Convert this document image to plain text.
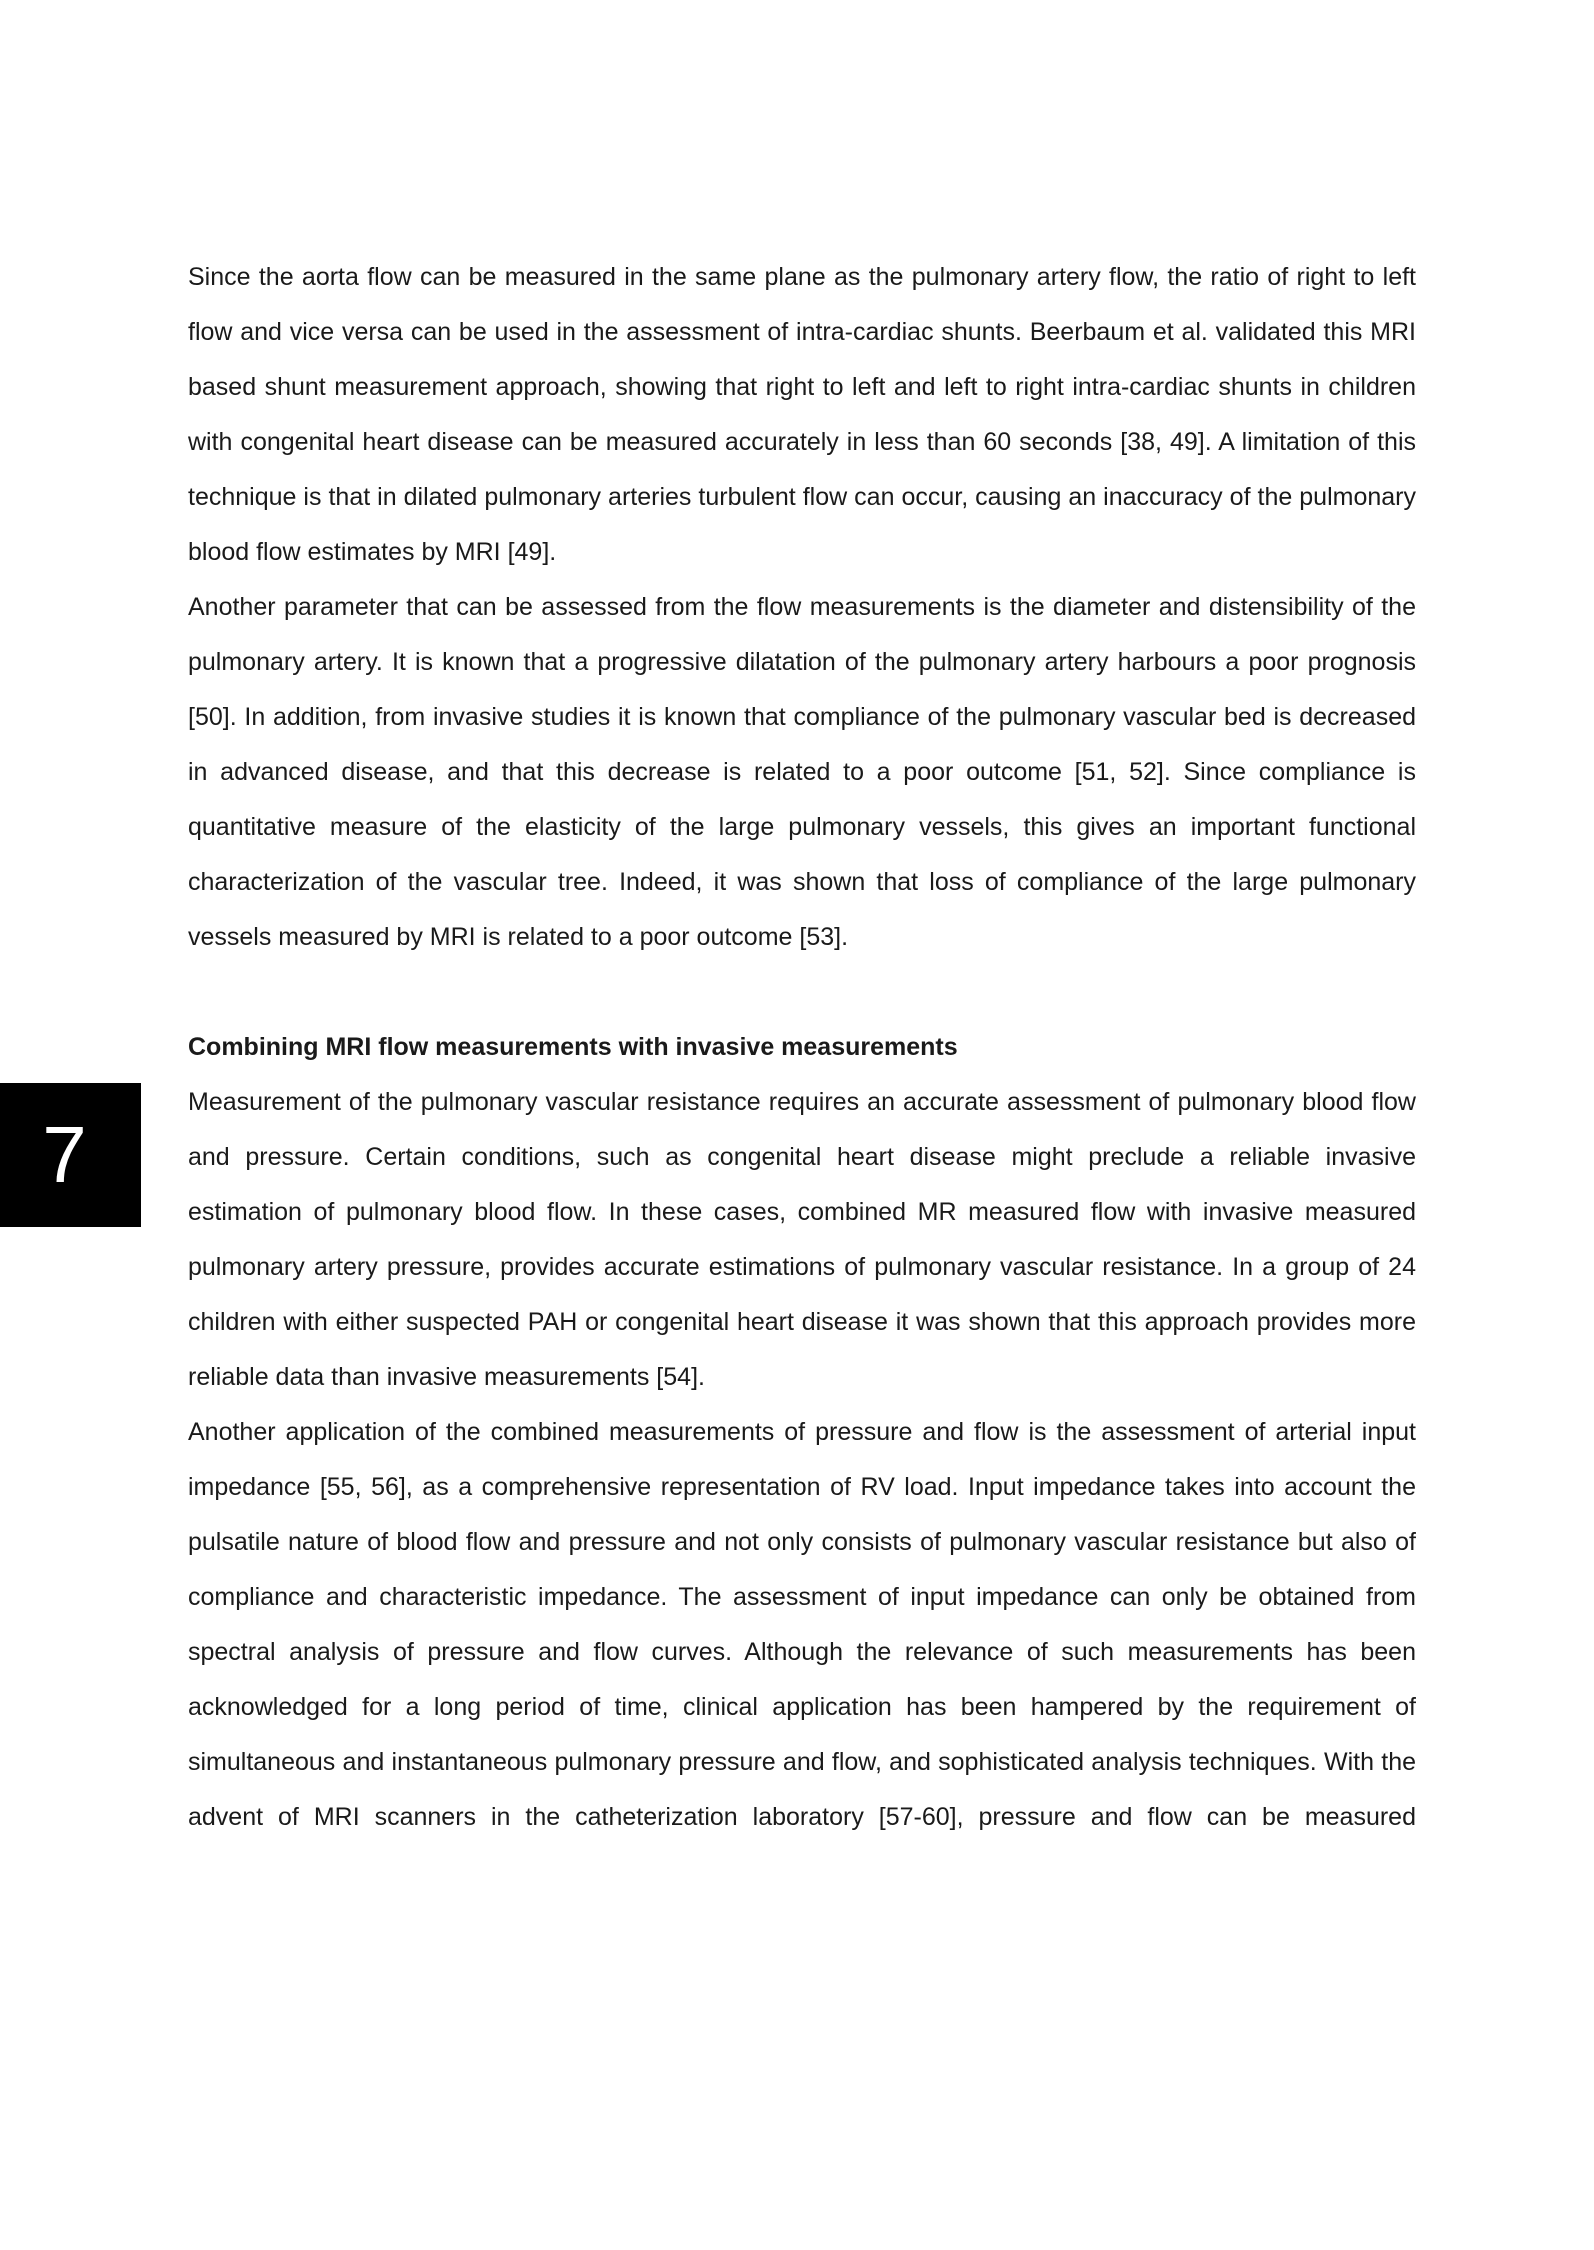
7

Since the aorta flow can be measured in the same plane as the pulmonary artery flow, the ratio of right to left flow and vice versa can be used in the assessment of intra-cardiac shunts. Beerbaum et al. validated this MRI based shunt measurement approach, showing that right to left and left to right intra-cardiac shunts in children with congenital heart disease can be measured accurately in less than 60 seconds [38, 49]. A limitation of this technique is that in dilated pulmonary arteries turbulent flow can occur, causing an inaccuracy of the pulmonary blood flow estimates by MRI [49].

Another parameter that can be assessed from the flow measurements is the diameter and distensibility of the pulmonary artery. It is known that a progressive dilatation of the pulmonary artery harbours a poor prognosis [50]. In addition, from invasive studies it is known that compliance of the pulmonary vascular bed is decreased in advanced disease, and that this decrease is related to a poor outcome [51, 52]. Since compliance is quantitative measure of the elasticity of the large pulmonary vessels, this gives an important functional characterization of the vascular tree. Indeed, it was shown that loss of compliance of the large pulmonary vessels measured by MRI is related to a poor outcome [53].

Combining MRI flow measurements with invasive measurements

Measurement of the pulmonary vascular resistance requires an accurate assessment of pulmonary blood flow and pressure. Certain conditions, such as congenital heart disease might preclude a reliable invasive estimation of pulmonary blood flow. In these cases, combined MR measured flow with invasive measured pulmonary artery pressure, provides accurate estimations of pulmonary vascular resistance. In a group of 24 children with either suspected PAH or congenital heart disease it was shown that this approach provides more reliable data than invasive measurements [54].

Another application of the combined measurements of pressure and flow is the assessment of arterial input impedance [55, 56], as a comprehensive representation of RV load. Input impedance takes into account the pulsatile nature of blood flow and pressure and not only consists of pulmonary vascular resistance but also of compliance and characteristic impedance. The assessment of input impedance can only be obtained from spectral analysis of pressure and flow curves. Although the relevance of such measurements has been acknowledged for a long period of time, clinical application has been hampered by the requirement of simultaneous and instantaneous pulmonary pressure and flow, and sophisticated analysis techniques. With the advent of MRI scanners in the catheterization laboratory [57-60], pressure and flow can be measured
